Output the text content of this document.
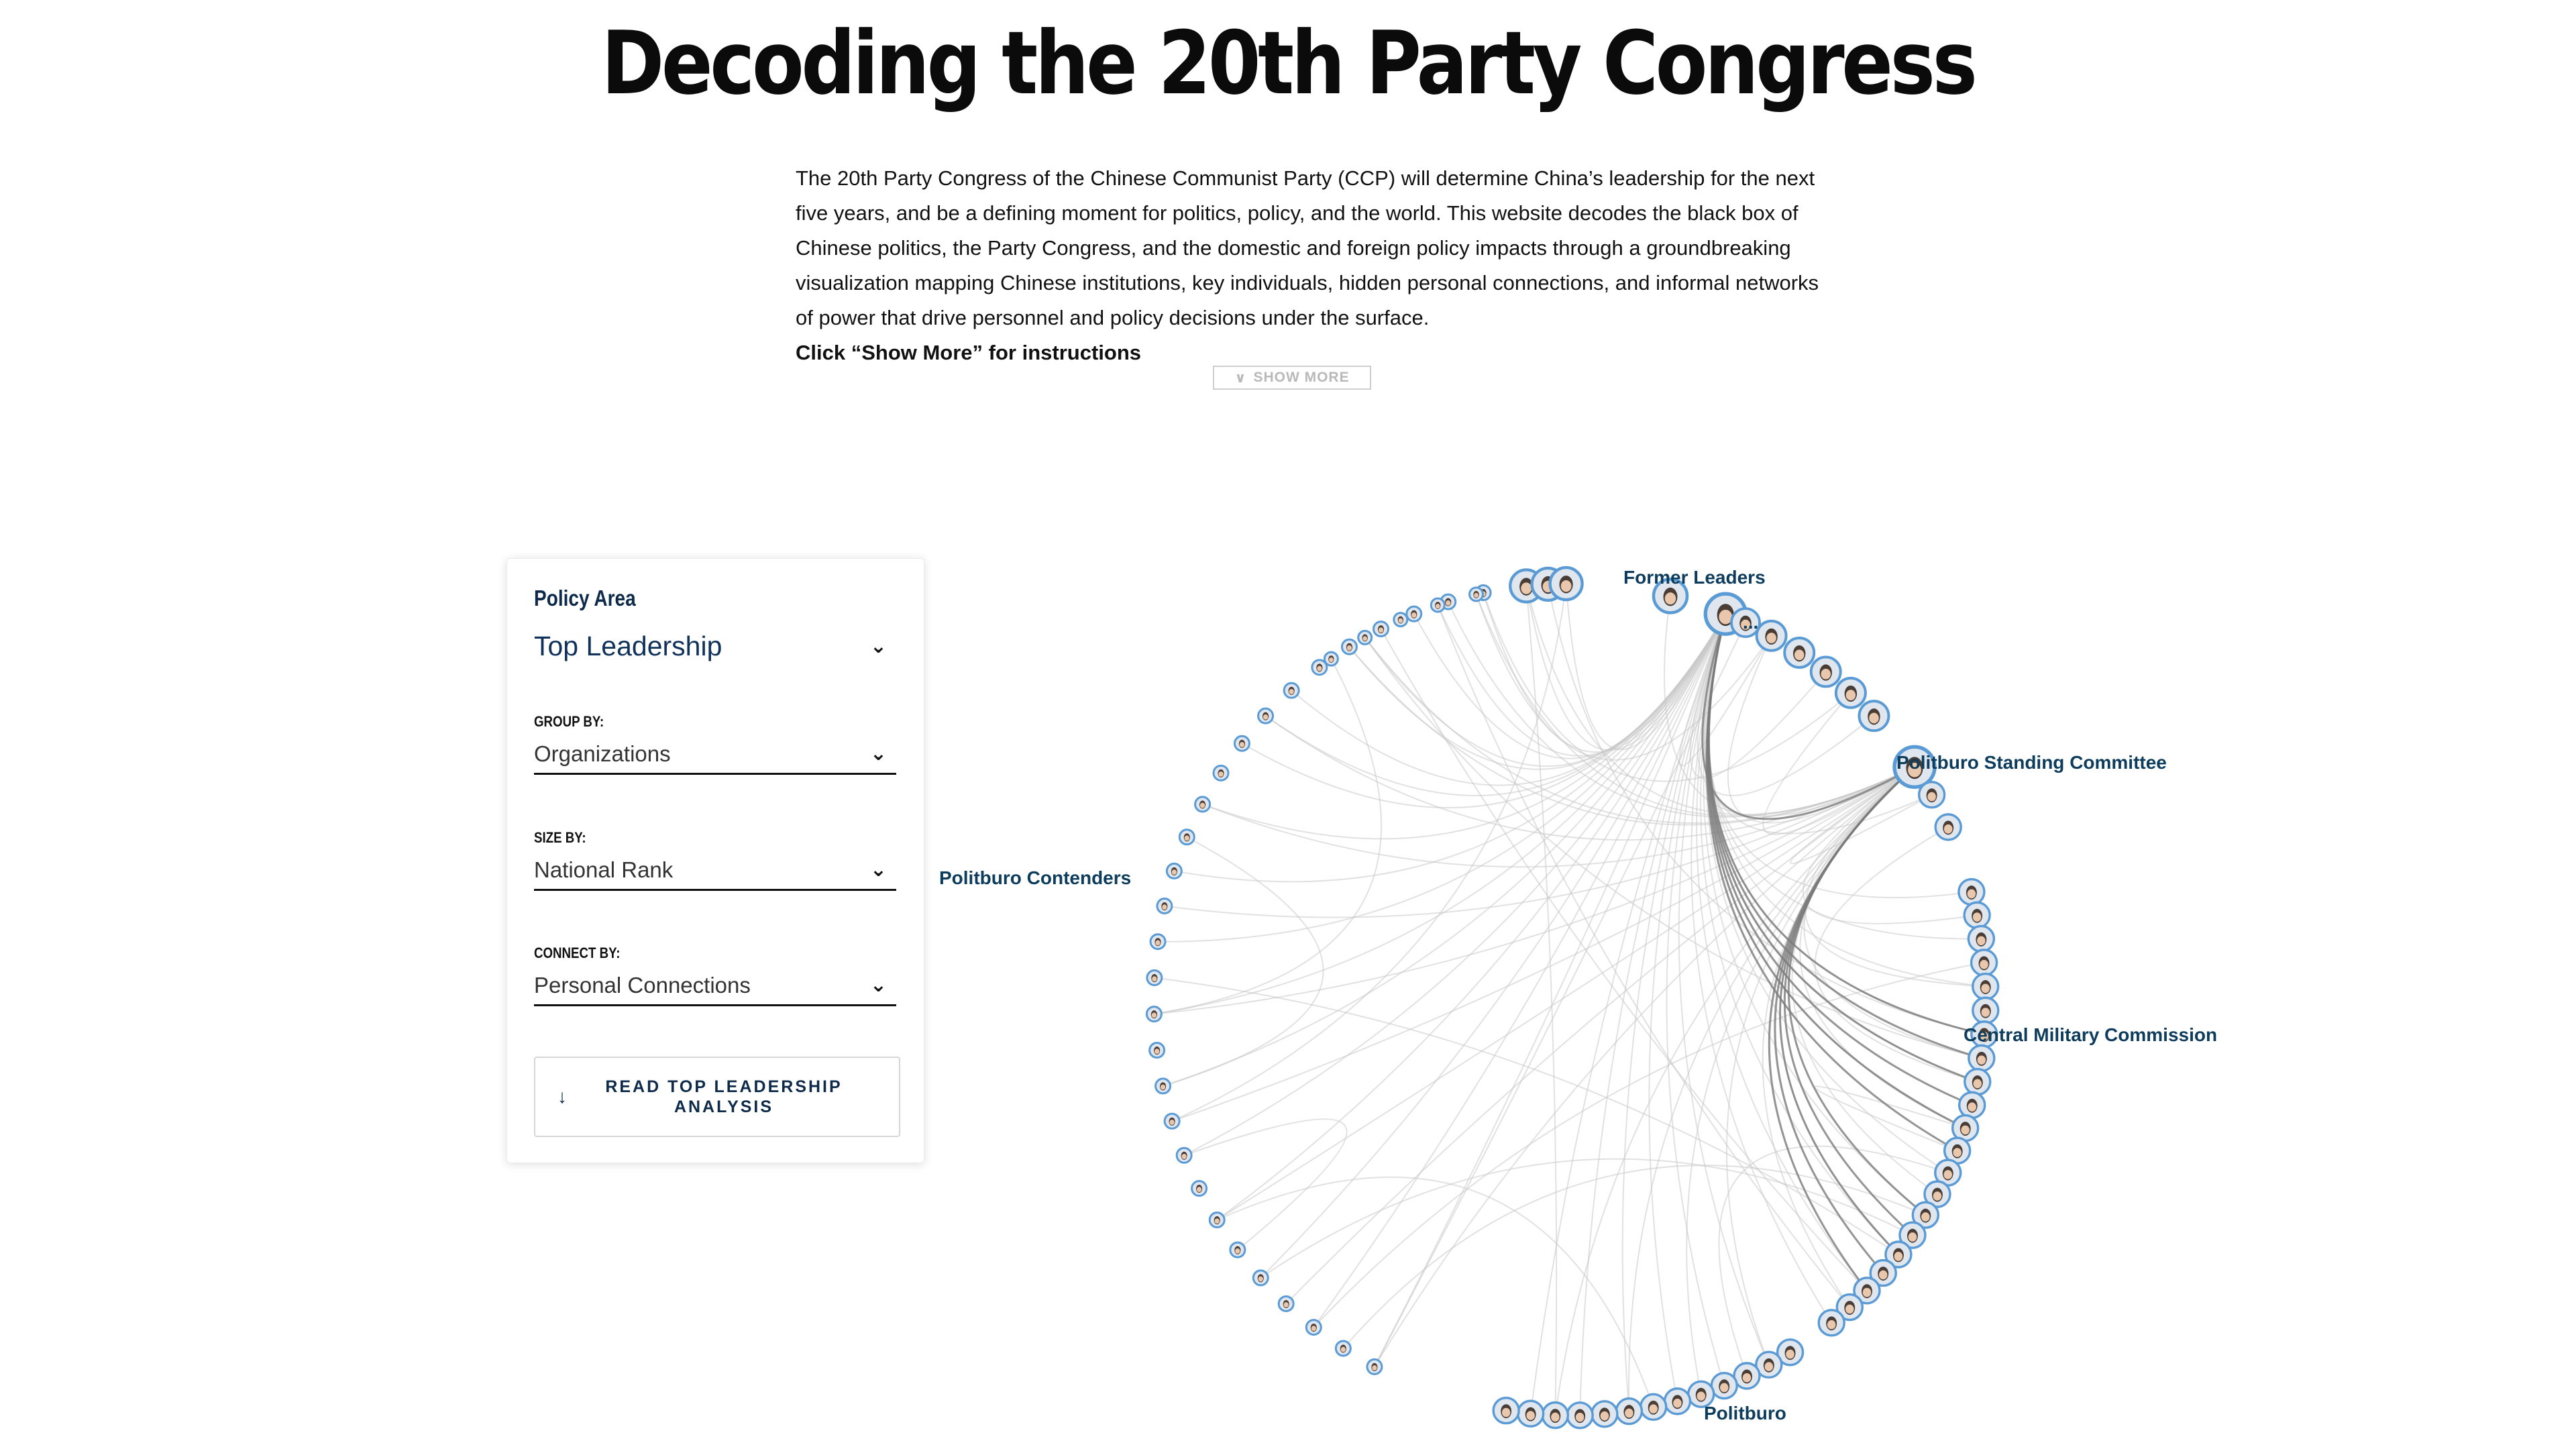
Decoding the 20th Party Congress
The 20th Party Congress of the Chinese Communist Party (CCP) will determine China’s leadership for the next five years, and be a defining moment for politics, policy, and the world. This website decodes the black box of Chinese politics, the Party Congress, and the domestic and foreign policy impacts through a groundbreaking visualization mapping Chinese institutions, key individuals, hidden personal connections, and informal networks of power that drive personnel and policy decisions under the surface.
Click “Show More” for instructions
∨ SHOW MORE
Policy Area
Top Leadership	⌄
GROUP BY:
Organizations	⌄
SIZE BY:
National Rank	⌄
CONNECT BY:
Personal Connections	⌄
↓	READ TOP LEADERSHIP ANALYSIS
Former Leaders
...
Politburo Standing Committee
Central Military Commission
Politburo
Politburo Contenders
